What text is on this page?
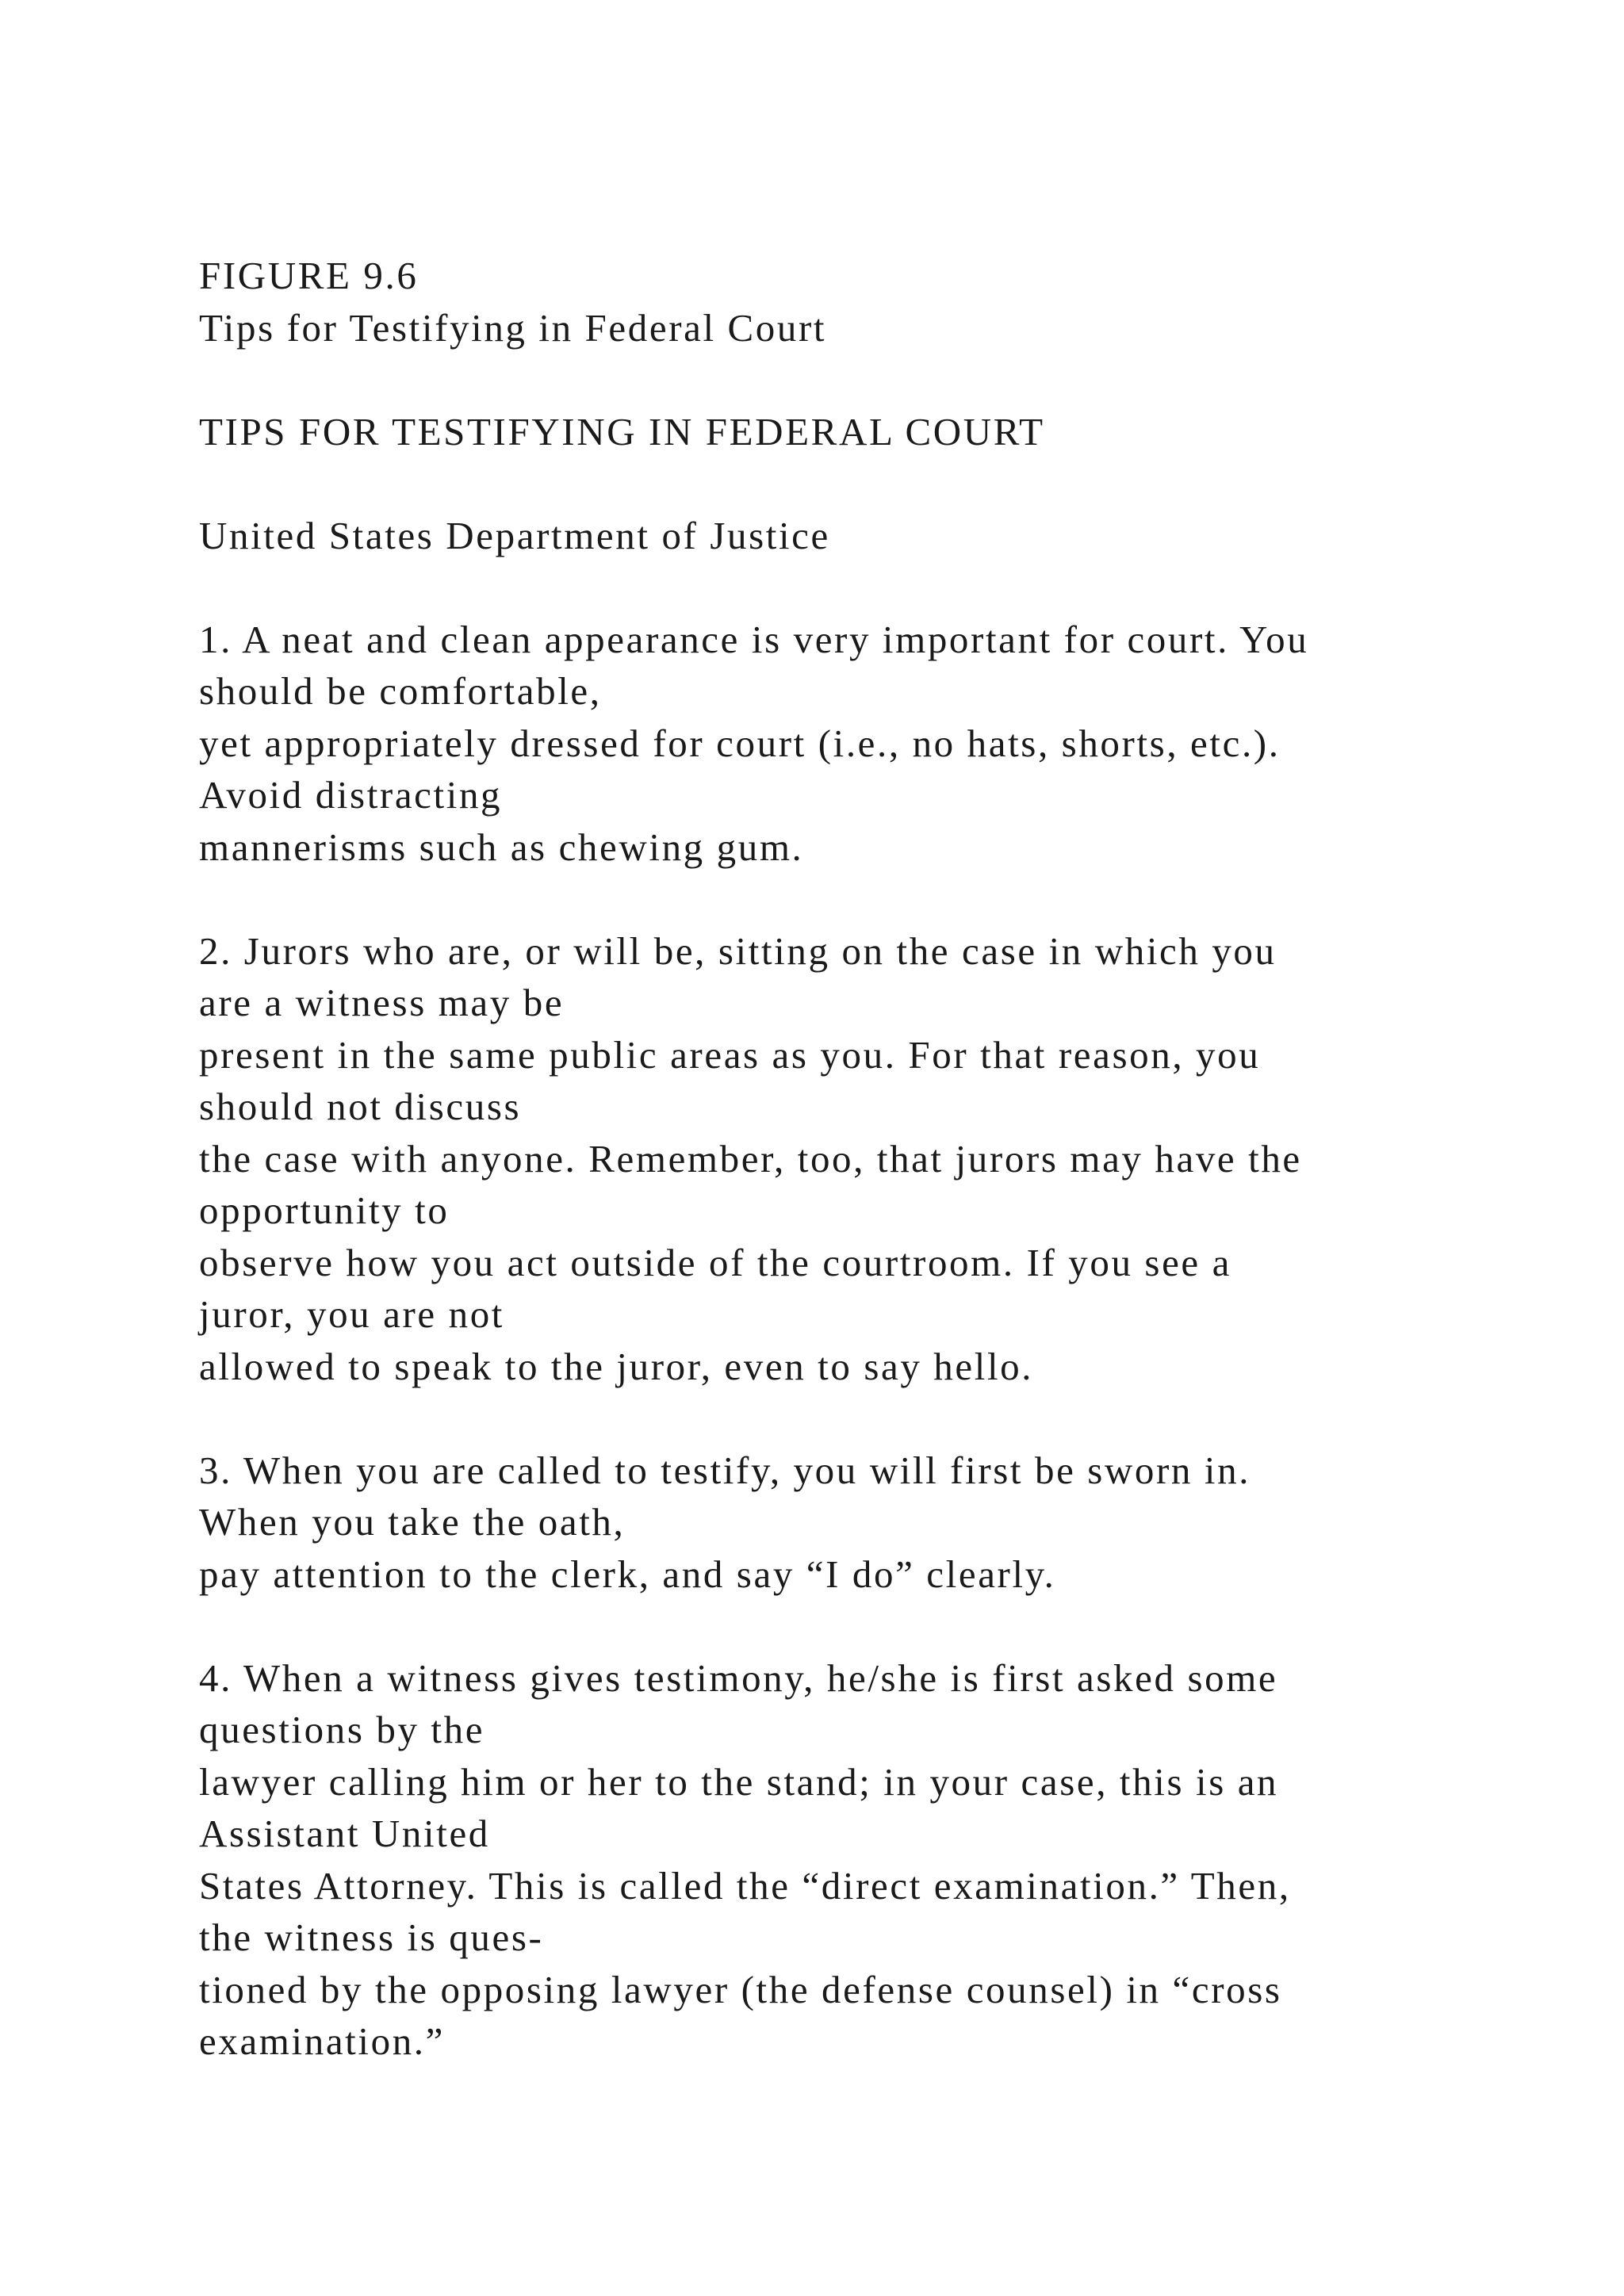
FIGURE 9.6
Tips for Testifying in Federal Court
TIPS FOR TESTIFYING IN FEDERAL COURT
United States Department of Justice
1. A neat and clean appearance is very important for court. You
should be comfortable,
yet appropriately dressed for court (i.e., no hats, shorts, etc.).
Avoid distracting
mannerisms such as chewing gum.
2. Jurors who are, or will be, sitting on the case in which you
are a witness may be
present in the same public areas as you. For that reason, you
should not discuss
the case with anyone. Remember, too, that jurors may have the
opportunity to
observe how you act outside of the courtroom. If you see a
juror, you are not
allowed to speak to the juror, even to say hello.
3. When you are called to testify, you will first be sworn in.
When you take the oath,
pay attention to the clerk, and say “I do” clearly.
4. When a witness gives testimony, he/she is first asked some
questions by the
lawyer calling him or her to the stand; in your case, this is an
Assistant United
States Attorney. This is called the “direct examination.” Then,
the witness is ques-
tioned by the opposing lawyer (the defense counsel) in “cross
examination.”
